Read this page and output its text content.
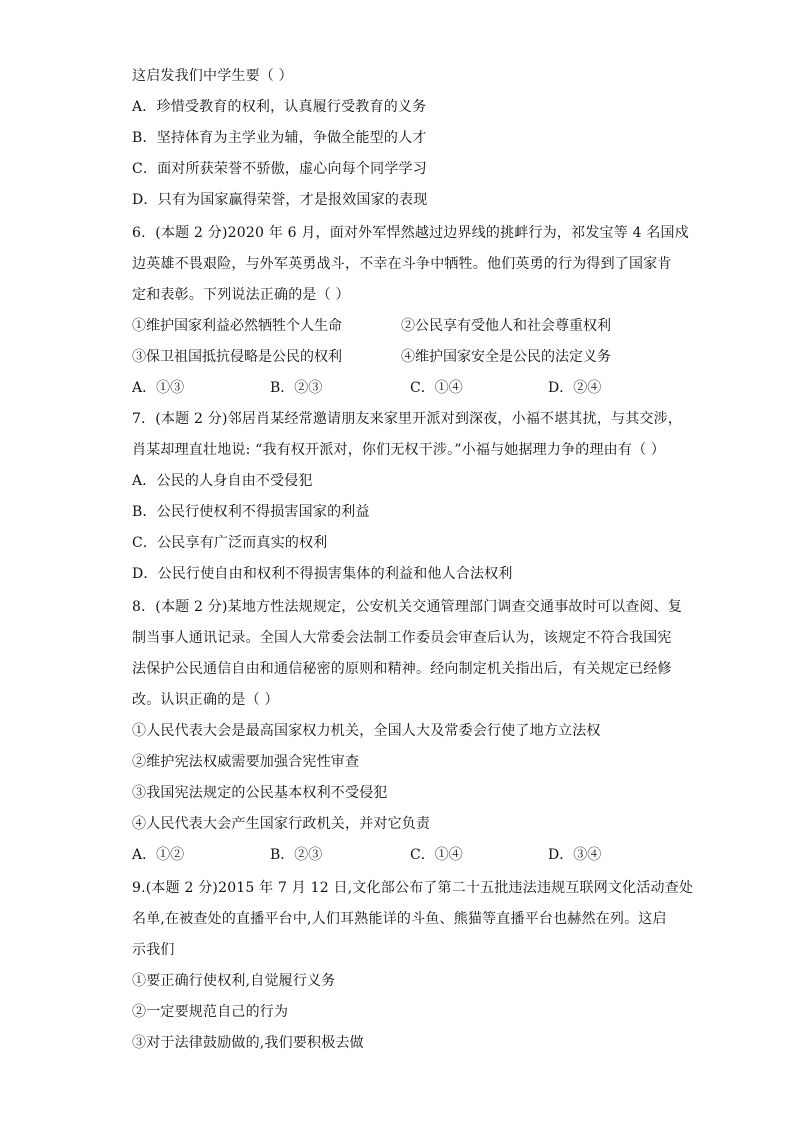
这启发我们中学生要（ ）
A．珍惜受教育的权利，认真履行受教育的义务
B．坚持体育为主学业为辅，争做全能型的人才
C．面对所获荣誉不骄傲，虚心向每个同学学习
D．只有为国家赢得荣誉，才是报效国家的表现
6．(本题 2 分)2020 年 6 月，面对外军悍然越过边界线的挑衅行为，祁发宝等 4 名国戍
边英雄不畏艰险，与外军英勇战斗，不幸在斗争中牺牲。他们英勇的行为得到了国家肯
定和表彰。下列说法正确的是（ ）
①维护国家利益必然牺牲个人生命	②公民享有受他人和社会尊重权利
③保卫祖国抵抗侵略是公民的权利	④维护国家安全是公民的法定义务
A．①③	B．②③	C．①④	D．②④
7．(本题 2 分)邻居肖某经常邀请朋友来家里开派对到深夜，小福不堪其扰，与其交涉，
肖某却理直壮地说: “我有权开派对，你们无权干涉。”小福与她据理力争的理由有（ ）
A．公民的人身自由不受侵犯
B．公民行使权利不得损害国家的利益
C．公民享有广泛而真实的权利
D．公民行使自由和权利不得损害集体的利益和他人合法权利
8．(本题 2 分)某地方性法规规定，公安机关交通管理部门调查交通事故时可以查阅、复
制当事人通讯记录。全国人大常委会法制工作委员会审查后认为，该规定不符合我国宪
法保护公民通信自由和通信秘密的原则和精神。经向制定机关指出后，有关规定已经修
改。认识正确的是（ ）
①人民代表大会是最高国家权力机关，全国人大及常委会行使了地方立法权
②维护宪法权威需要加强合宪性审查
③我国宪法规定的公民基本权利不受侵犯
④人民代表大会产生国家行政机关，并对它负责
A．①②	B．②③	C．①④	D．③④
9.(本题 2 分)2015 年 7 月 12 日,文化部公布了第二十五批违法违规互联网文化活动查处
名单,在被查处的直播平台中,人们耳熟能详的斗鱼、熊猫等直播平台也赫然在列。这启
示我们
①要正确行使权利,自觉履行义务
②一定要规范自己的行为
③对于法律鼓励做的,我们要积极去做
